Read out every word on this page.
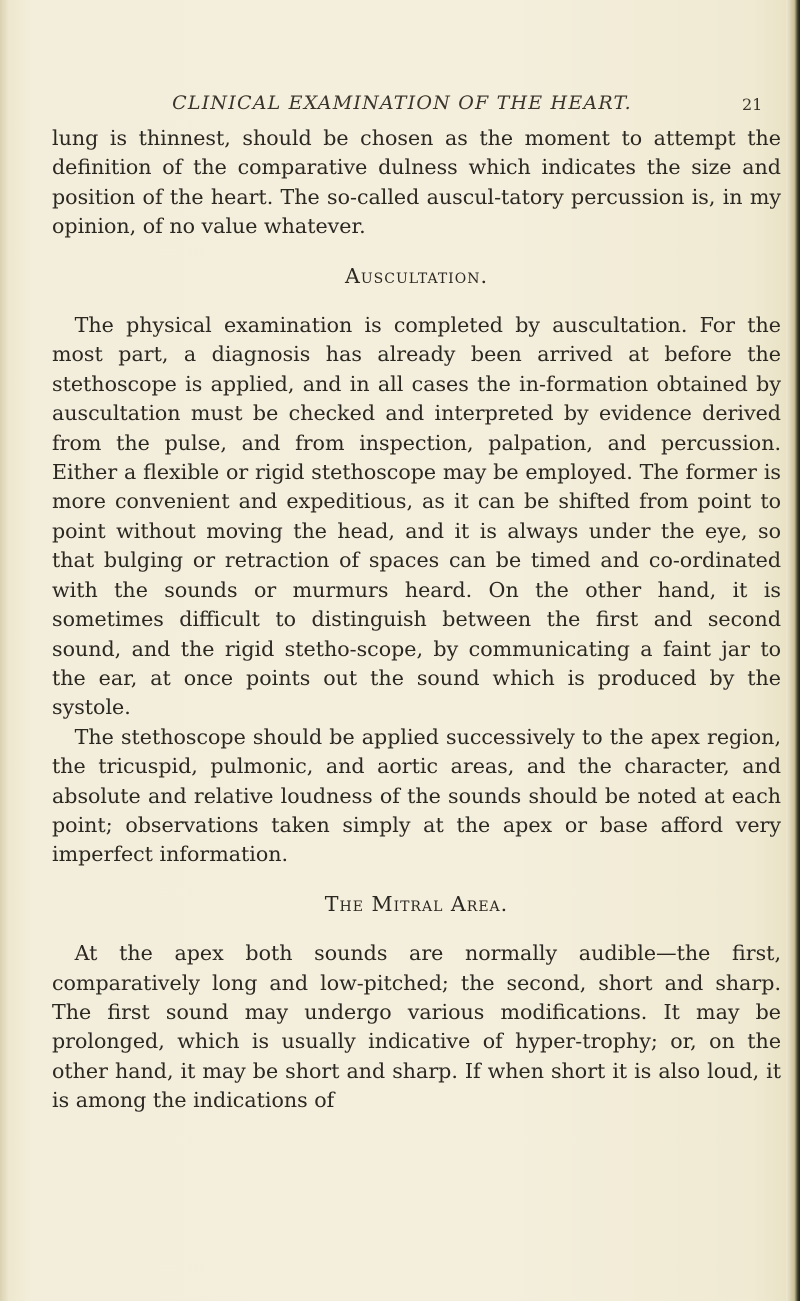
CLINICAL EXAMINATION OF THE HEART.	21

lung is thinnest, should be chosen as the moment to attempt the definition of the comparative dulness which indicates the size and position of the heart. The so-called auscul-tatory percussion is, in my opinion, of no value whatever.

Auscultation.

The physical examination is completed by auscultation. For the most part, a diagnosis has already been arrived at before the stethoscope is applied, and in all cases the in-formation obtained by auscultation must be checked and interpreted by evidence derived from the pulse, and from inspection, palpation, and percussion. Either a flexible or rigid stethoscope may be employed. The former is more convenient and expeditious, as it can be shifted from point to point without moving the head, and it is always under the eye, so that bulging or retraction of spaces can be timed and co-ordinated with the sounds or murmurs heard. On the other hand, it is sometimes difficult to distinguish between the first and second sound, and the rigid stetho-scope, by communicating a faint jar to the ear, at once points out the sound which is produced by the systole.

The stethoscope should be applied successively to the apex region, the tricuspid, pulmonic, and aortic areas, and the character, and absolute and relative loudness of the sounds should be noted at each point; observations taken simply at the apex or base afford very imperfect information.

The Mitral Area.

At the apex both sounds are normally audible—the first, comparatively long and low-pitched; the second, short and sharp. The first sound may undergo various modifications. It may be prolonged, which is usually indicative of hyper-trophy; or, on the other hand, it may be short and sharp. If when short it is also loud, it is among the indications of
